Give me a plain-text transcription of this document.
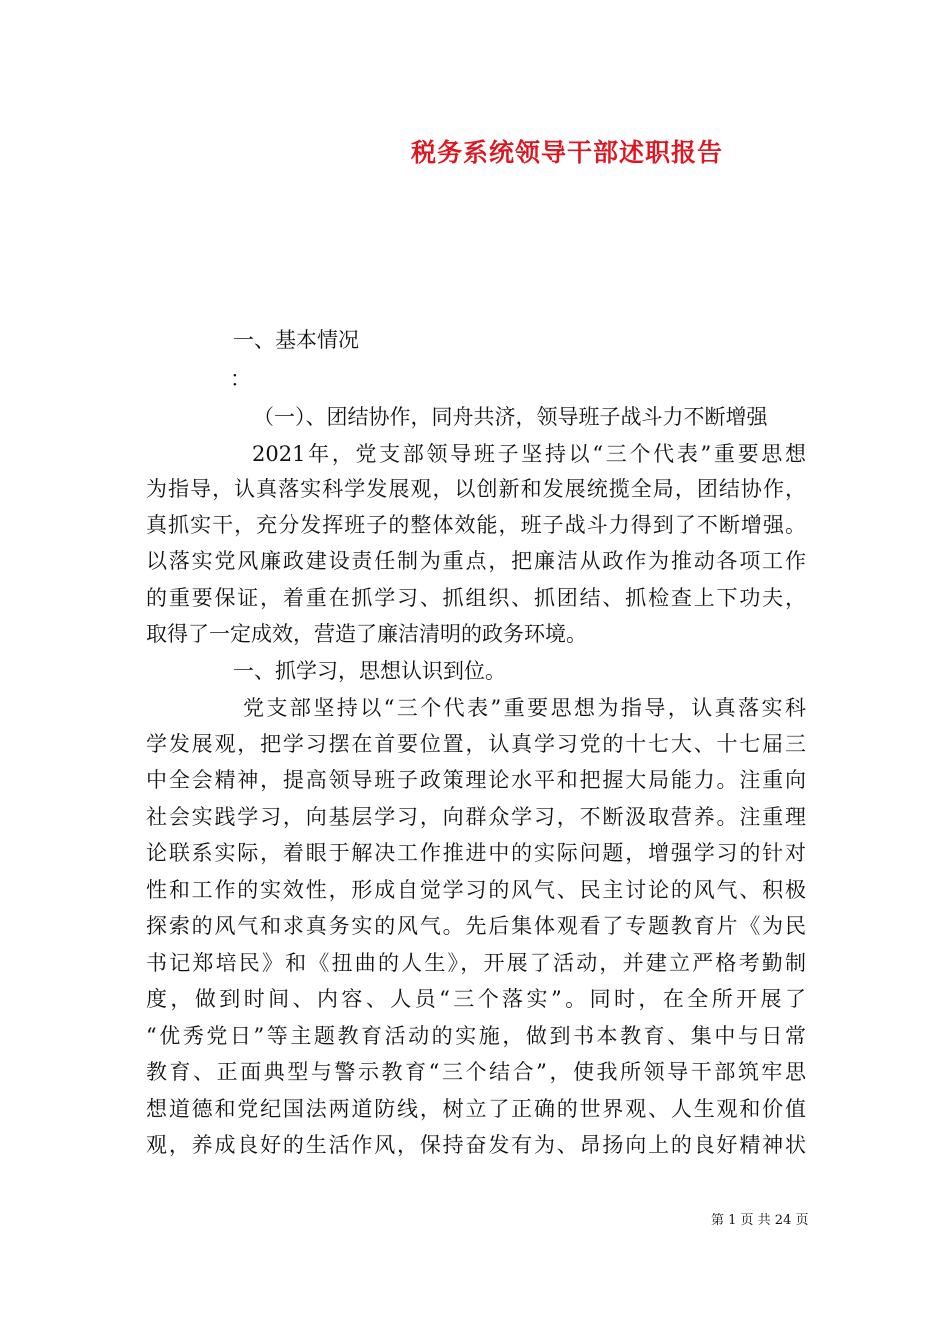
税务系统领导干部述职报告
一、基本情况
：
（一）、团结协作，同舟共济，领导班子战斗力不断增强
2021年，党支部领导班子坚持以“三个代表”重要思想
为指导，认真落实科学发展观，以创新和发展统揽全局，团结协作，
真抓实干，充分发挥班子的整体效能，班子战斗力得到了不断增强。
以落实党风廉政建设责任制为重点，把廉洁从政作为推动各项工作
的重要保证，着重在抓学习、抓组织、抓团结、抓检查上下功夫，
取得了一定成效，营造了廉洁清明的政务环境。
一、抓学习，思想认识到位。
党支部坚持以“三个代表”重要思想为指导，认真落实科
学发展观，把学习摆在首要位置，认真学习党的十七大、十七届三
中全会精神，提高领导班子政策理论水平和把握大局能力。注重向
社会实践学习，向基层学习，向群众学习，不断汲取营养。注重理
论联系实际，着眼于解决工作推进中的实际问题，增强学习的针对
性和工作的实效性，形成自觉学习的风气、民主讨论的风气、积极
探索的风气和求真务实的风气。先后集体观看了专题教育片《为民
书记郑培民》和《扭曲的人生》，开展了活动，并建立严格考勤制
度，做到时间、内容、人员“三个落实”。同时，在全所开展了
“优秀党日”等主题教育活动的实施，做到书本教育、集中与日常
教育、正面典型与警示教育“三个结合”，使我所领导干部筑牢思
想道德和党纪国法两道防线，树立了正确的世界观、人生观和价值
观，养成良好的生活作风，保持奋发有为、昂扬向上的良好精神状
第 1 页 共 24 页
